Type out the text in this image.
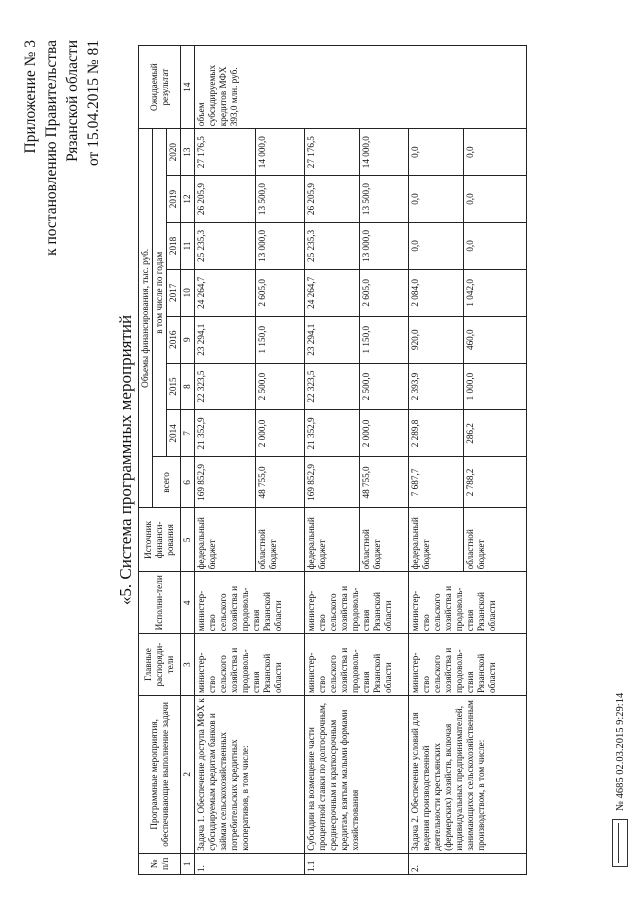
Приложение № 3 к постановлению Правительства Рязанской области от 15.04.2015 № 81
«5. Система программных мероприятий
№ п/п	Программные мероприятия, обеспечивающие выполнение задачи	Главные распоряди-тели	Исполни-тели	Источник финанси-рования	Объемы финансирования, тыс. руб.								Ожидаемый результат
					всего	в том числе по годам							
						2014	2015	2016	2017	2018	2019	2020	
1	2	3	4	5	6	7	8	9	10	11	12	13	14
1.	Задача 1. Обеспечение доступа МФХ к субсидируемым кредитам банков и займам сельскохозяйственных потребительских кредитных кооперативов, в том числе:	министер-ство сельского хозяйства и продоволь-ствия Рязанской области	министер-ство сельского хозяйства и продоволь-ствия Рязанской области	федеральный бюджет	169 852,9	21 352,9	22 323,5	23 294,1	24 264,7	25 235,3	26 205,9	27 176,5	объем субсидируемых кредитов МФХ 393,0 млн. руб.
				областной бюджет	48 755,0	2 000,0	2 500,0	1 150,0	2 605,0	13 000,0	13 500,0	14 000,0	
1.1	Субсидии на возмещение части процентной ставки по долгосрочным, среднесрочным и краткосрочным кредитам, взятым малыми формами хозяйствования	министер-ство сельского хозяйства и продоволь-ствия Рязанской области	министер-ство сельского хозяйства и продоволь-ствия Рязанской области	федеральный бюджет	169 852,9	21 352,9	22 323,5	23 294,1	24 264,7	25 235,3	26 205,9	27 176,5	
				областной бюджет	48 755,0	2 000,0	2 500,0	1 150,0	2 605,0	13 000,0	13 500,0	14 000,0	
2.	Задача 2. Обеспечение условий для ведения производственной деятельности крестьянских (фермерских) хозяйств, включая индивидуальных предпринимателей, занимающихся сельскохозяйственным производством, в том числе:	министер-ство сельского хозяйства и продоволь-ствия Рязанской области	министер-ство сельского хозяйства и продоволь-ствия Рязанской области	федеральный бюджет	7 687,7	2 289,8	2 393,9	920,0	2 084,0	0,0	0,0	0,0	
				областной бюджет	2 788,2	286,2	1 000,0	460,0	1 042,0	0,0	0,0	0,0	
№ 4685 02.03.2015 9:29:14
